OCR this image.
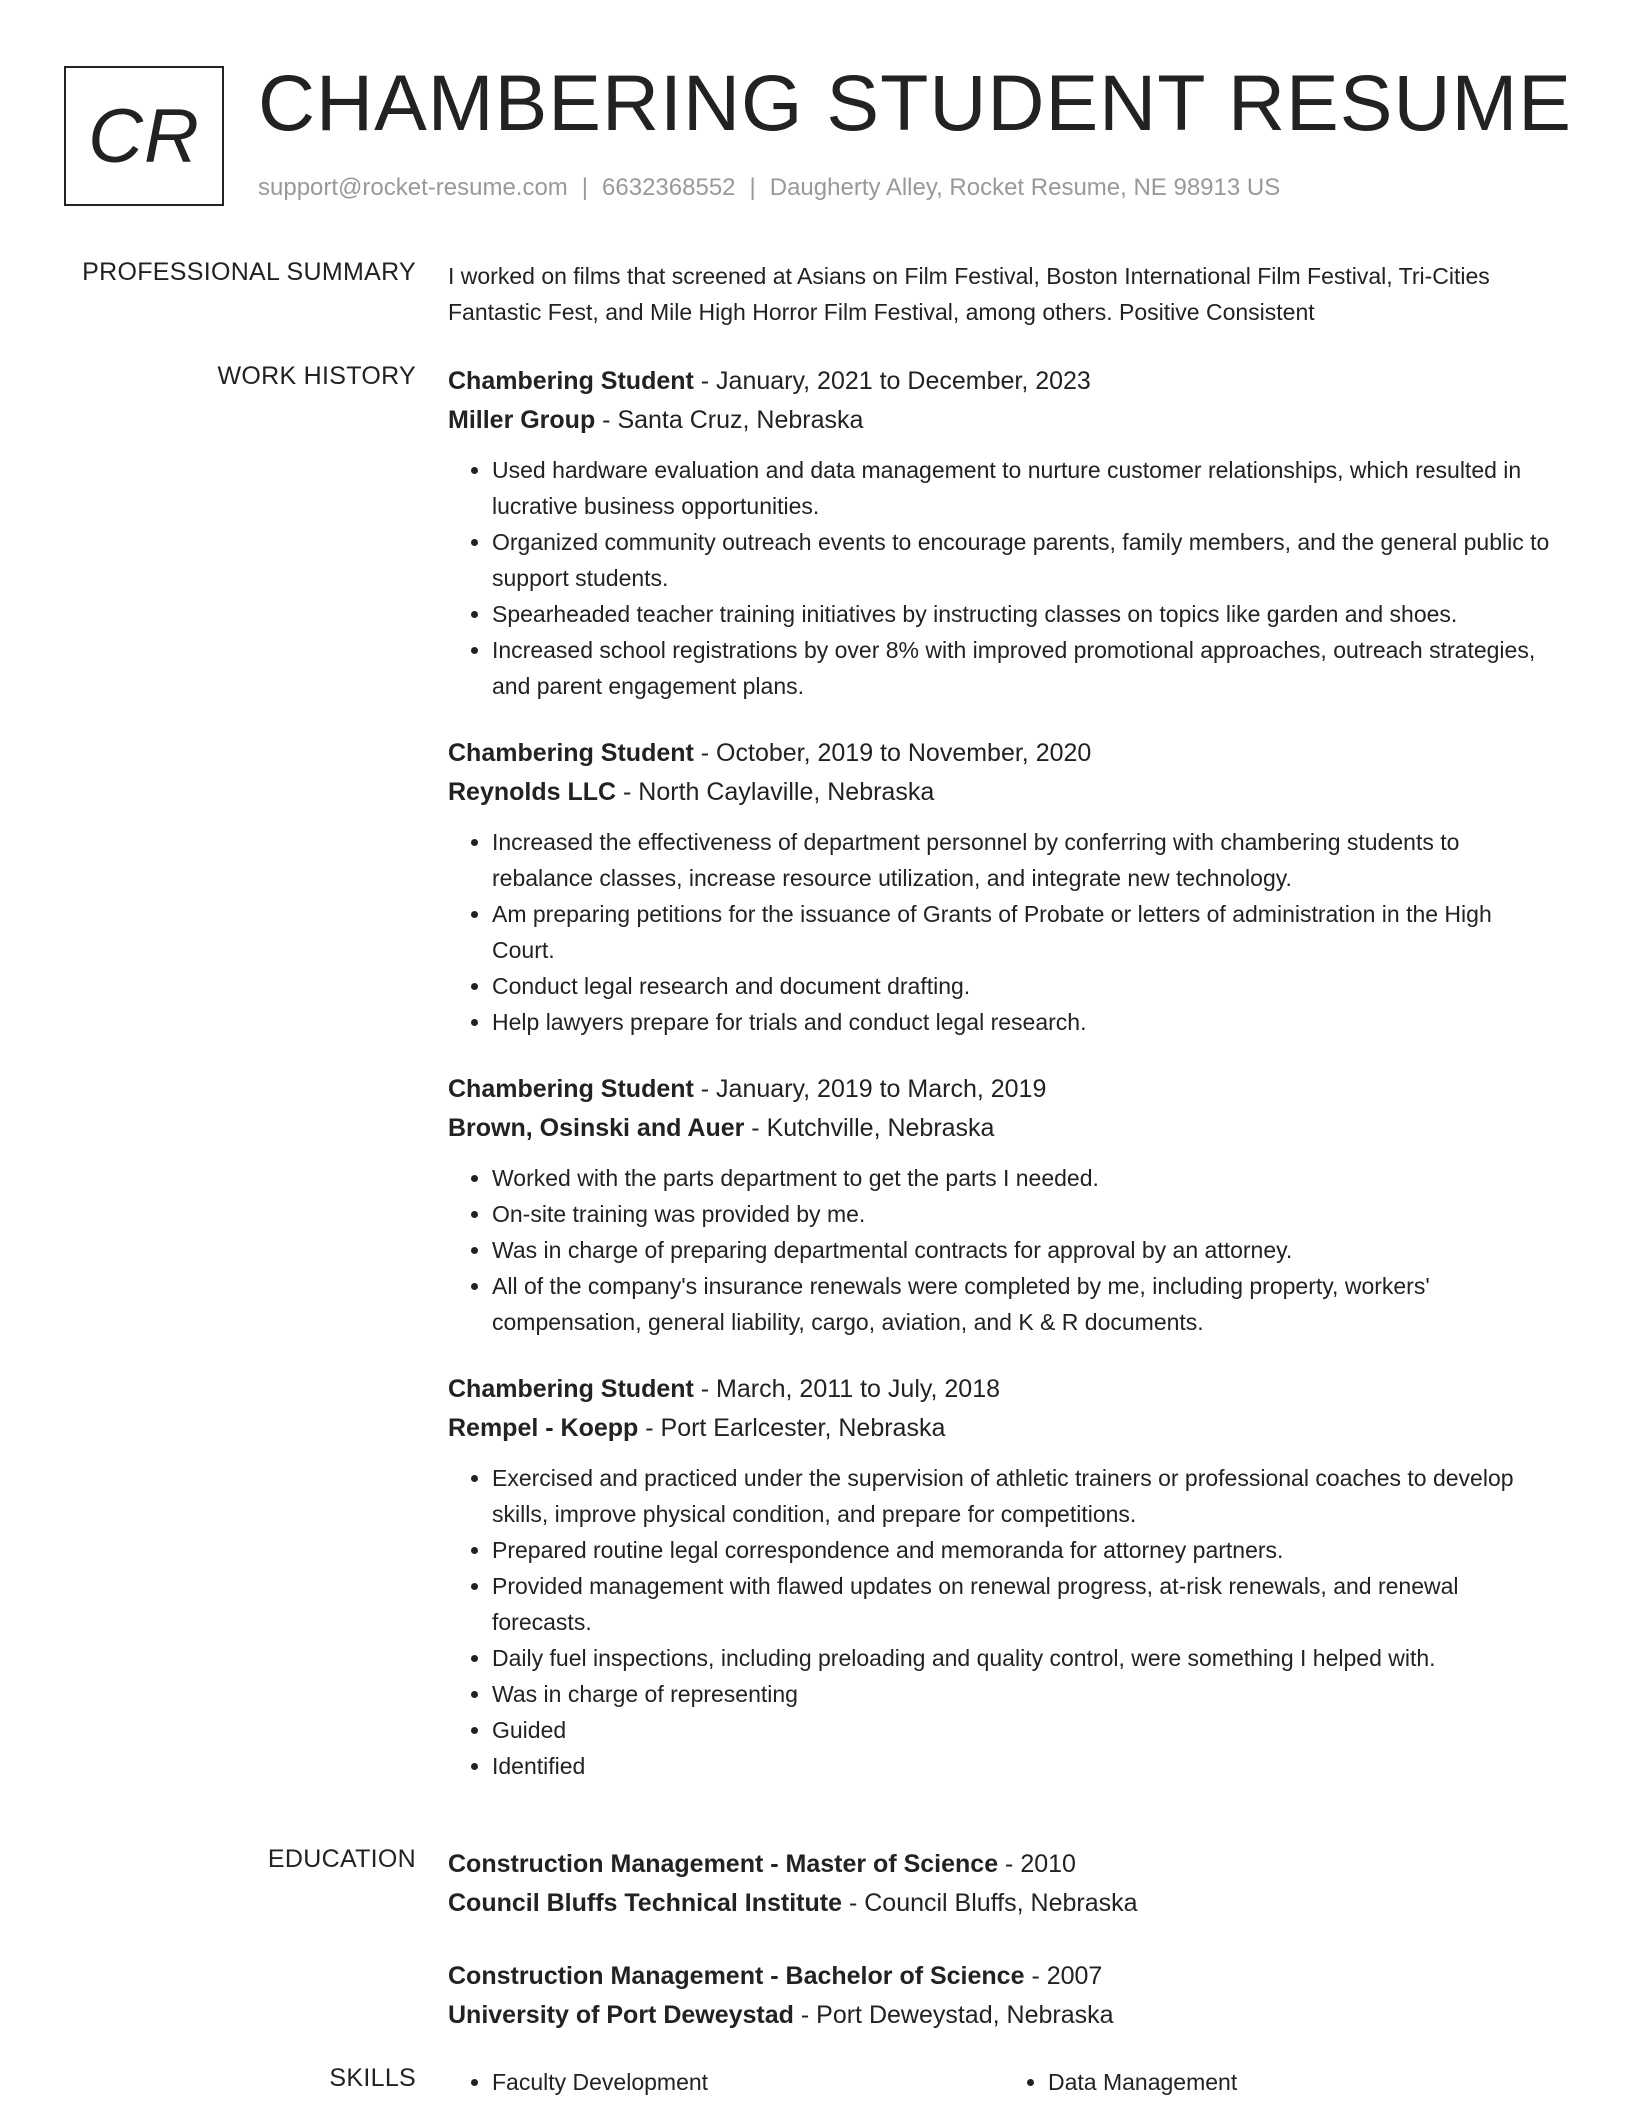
CR CHAMBERING STUDENT RESUME
support@rocket-resume.com | 6632368552 | Daugherty Alley, Rocket Resume, NE 98913 US
PROFESSIONAL SUMMARY I worked on films that screened at Asians on Film Festival, Boston International Film Festival, Tri-Cities Fantastic Fest, and Mile High Horror Film Festival, among others. Positive Consistent
WORK HISTORY Chambering Student - January, 2021 to December, 2023
Miller Group - Santa Cruz, Nebraska
• Used hardware evaluation and data management to nurture customer relationships, which resulted in lucrative business opportunities.
• Organized community outreach events to encourage parents, family members, and the general public to support students.
• Spearheaded teacher training initiatives by instructing classes on topics like garden and shoes.
• Increased school registrations by over 8% with improved promotional approaches, outreach strategies, and parent engagement plans.
Chambering Student - October, 2019 to November, 2020
Reynolds LLC - North Caylaville, Nebraska
• Increased the effectiveness of department personnel by conferring with chambering students to rebalance classes, increase resource utilization, and integrate new technology.
• Am preparing petitions for the issuance of Grants of Probate or letters of administration in the High Court.
• Conduct legal research and document drafting.
• Help lawyers prepare for trials and conduct legal research.
Chambering Student - January, 2019 to March, 2019
Brown, Osinski and Auer - Kutchville, Nebraska
• Worked with the parts department to get the parts I needed.
• On-site training was provided by me.
• Was in charge of preparing departmental contracts for approval by an attorney.
• All of the company's insurance renewals were completed by me, including property, workers' compensation, general liability, cargo, aviation, and K & R documents.
Chambering Student - March, 2011 to July, 2018
Rempel - Koepp - Port Earlcester, Nebraska
• Exercised and practiced under the supervision of athletic trainers or professional coaches to develop skills, improve physical condition, and prepare for competitions.
• Prepared routine legal correspondence and memoranda for attorney partners.
• Provided management with flawed updates on renewal progress, at-risk renewals, and renewal forecasts.
• Daily fuel inspections, including preloading and quality control, were something I helped with.
• Was in charge of representing
• Guided
• Identified
EDUCATION Construction Management - Master of Science - 2010
Council Bluffs Technical Institute - Council Bluffs, Nebraska
Construction Management - Bachelor of Science - 2007
University of Port Deweystad - Port Deweystad, Nebraska
SKILLS	• Faculty Development	• Data Management
